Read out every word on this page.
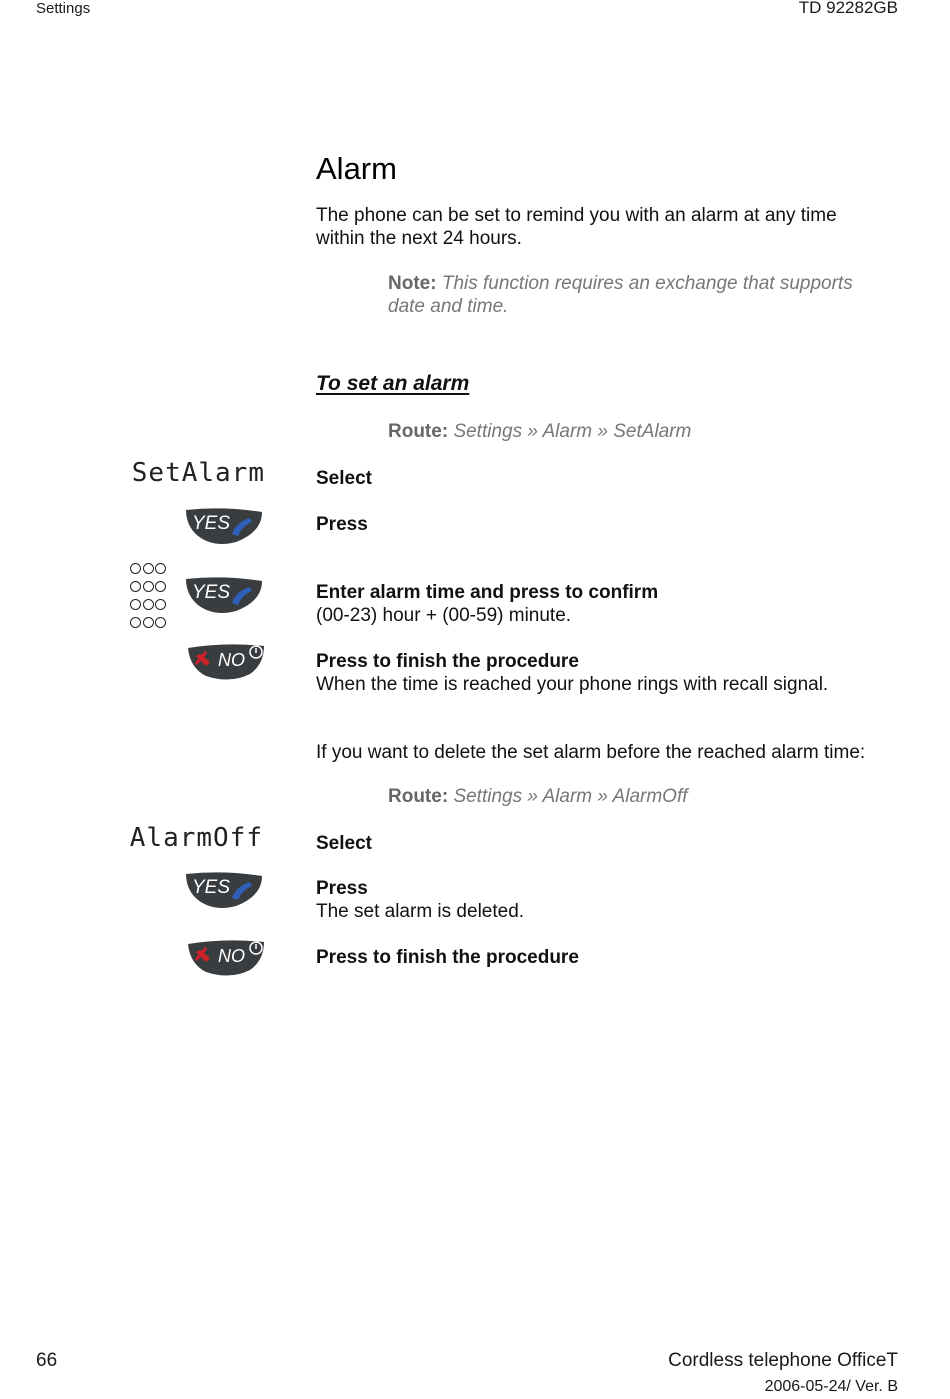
Settings	TD 92282GB
Alarm
The phone can be set to remind you with an alarm at any time within the next 24 hours.
Note: This function requires an exchange that supports date and time.
To set an alarm
Route: Settings » Alarm » SetAlarm
SetAlarm	Select
YES	Press

YES	Enter alarm time and press to confirm
(00-23) hour + (00-59) minute.
NO	Press to finish the procedure
When the time is reached your phone rings with recall signal.
If you want to delete the set alarm before the reached alarm time:
Route: Settings » Alarm » AlarmOff
AlarmOff	Select
YES	Press
The set alarm is deleted.
NO	Press to finish the procedure
66	Cordless telephone OfficeT
2006-05-24/ Ver. B
